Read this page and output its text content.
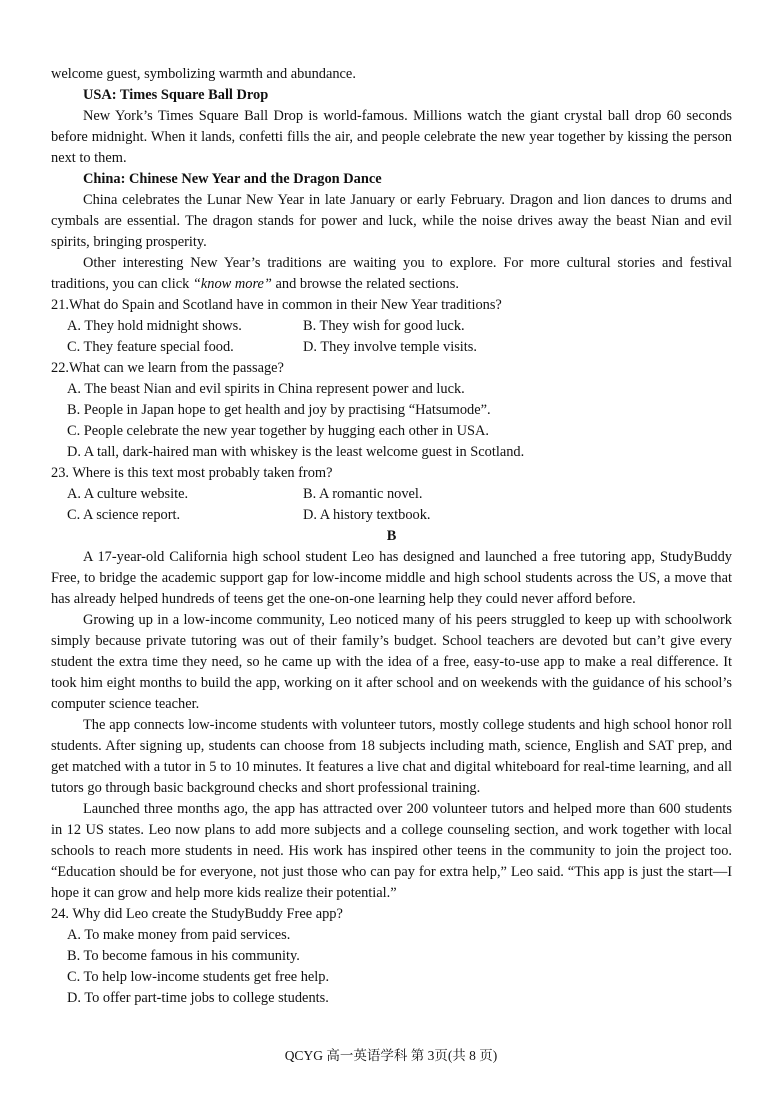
welcome guest, symbolizing warmth and abundance.

USA: Times Square Ball Drop

New York’s Times Square Ball Drop is world-famous. Millions watch the giant crystal ball drop 60 seconds before midnight. When it lands, confetti fills the air, and people celebrate the new year together by kissing the person next to them.

China: Chinese New Year and the Dragon Dance

China celebrates the Lunar New Year in late January or early February. Dragon and lion dances to drums and cymbals are essential. The dragon stands for power and luck, while the noise drives away the beast Nian and evil spirits, bringing prosperity.

Other interesting New Year’s traditions are waiting you to explore. For more cultural stories and festival traditions, you can click “know more” and browse the related sections.

21.What do Spain and Scotland have in common in their New Year traditions?

A. They hold midnight shows.	B. They wish for good luck.
C. They feature special food.	D. They involve temple visits.

22.What can we learn from the passage?

A. The beast Nian and evil spirits in China represent power and luck.
B. People in Japan hope to get health and joy by practising “Hatsumode”.
C. People celebrate the new year together by hugging each other in USA.
D. A tall, dark-haired man with whiskey is the least welcome guest in Scotland.

23. Where is this text most probably taken from?

A. A culture website.	B. A romantic novel.
C. A science report.	D. A history textbook.

B

A 17-year-old California high school student Leo has designed and launched a free tutoring app, StudyBuddy Free, to bridge the academic support gap for low-income middle and high school students across the US, a move that has already helped hundreds of teens get the one-on-one learning help they could never afford before.

Growing up in a low-income community, Leo noticed many of his peers struggled to keep up with schoolwork simply because private tutoring was out of their family’s budget. School teachers are devoted but can’t give every student the extra time they need, so he came up with the idea of a free, easy-to-use app to make a real difference. It took him eight months to build the app, working on it after school and on weekends with the guidance of his school’s computer science teacher.

The app connects low-income students with volunteer tutors, mostly college students and high school honor roll students. After signing up, students can choose from 18 subjects including math, science, English and SAT prep, and get matched with a tutor in 5 to 10 minutes. It features a live chat and digital whiteboard for real-time learning, and all tutors go through basic background checks and short professional training.

Launched three months ago, the app has attracted over 200 volunteer tutors and helped more than 600 students in 12 US states. Leo now plans to add more subjects and a college counseling section, and work together with local schools to reach more students in need. His work has inspired other teens in the community to join the project too. “Education should be for everyone, not just those who can pay for extra help,” Leo said. “This app is just the start—I hope it can grow and help more kids realize their potential.”

24. Why did Leo create the StudyBuddy Free app?

A. To make money from paid services.
B. To become famous in his community.
C. To help low-income students get free help.
D. To offer part-time jobs to college students.
QCYG 高一英语学科 第 3页(共 8 页)
